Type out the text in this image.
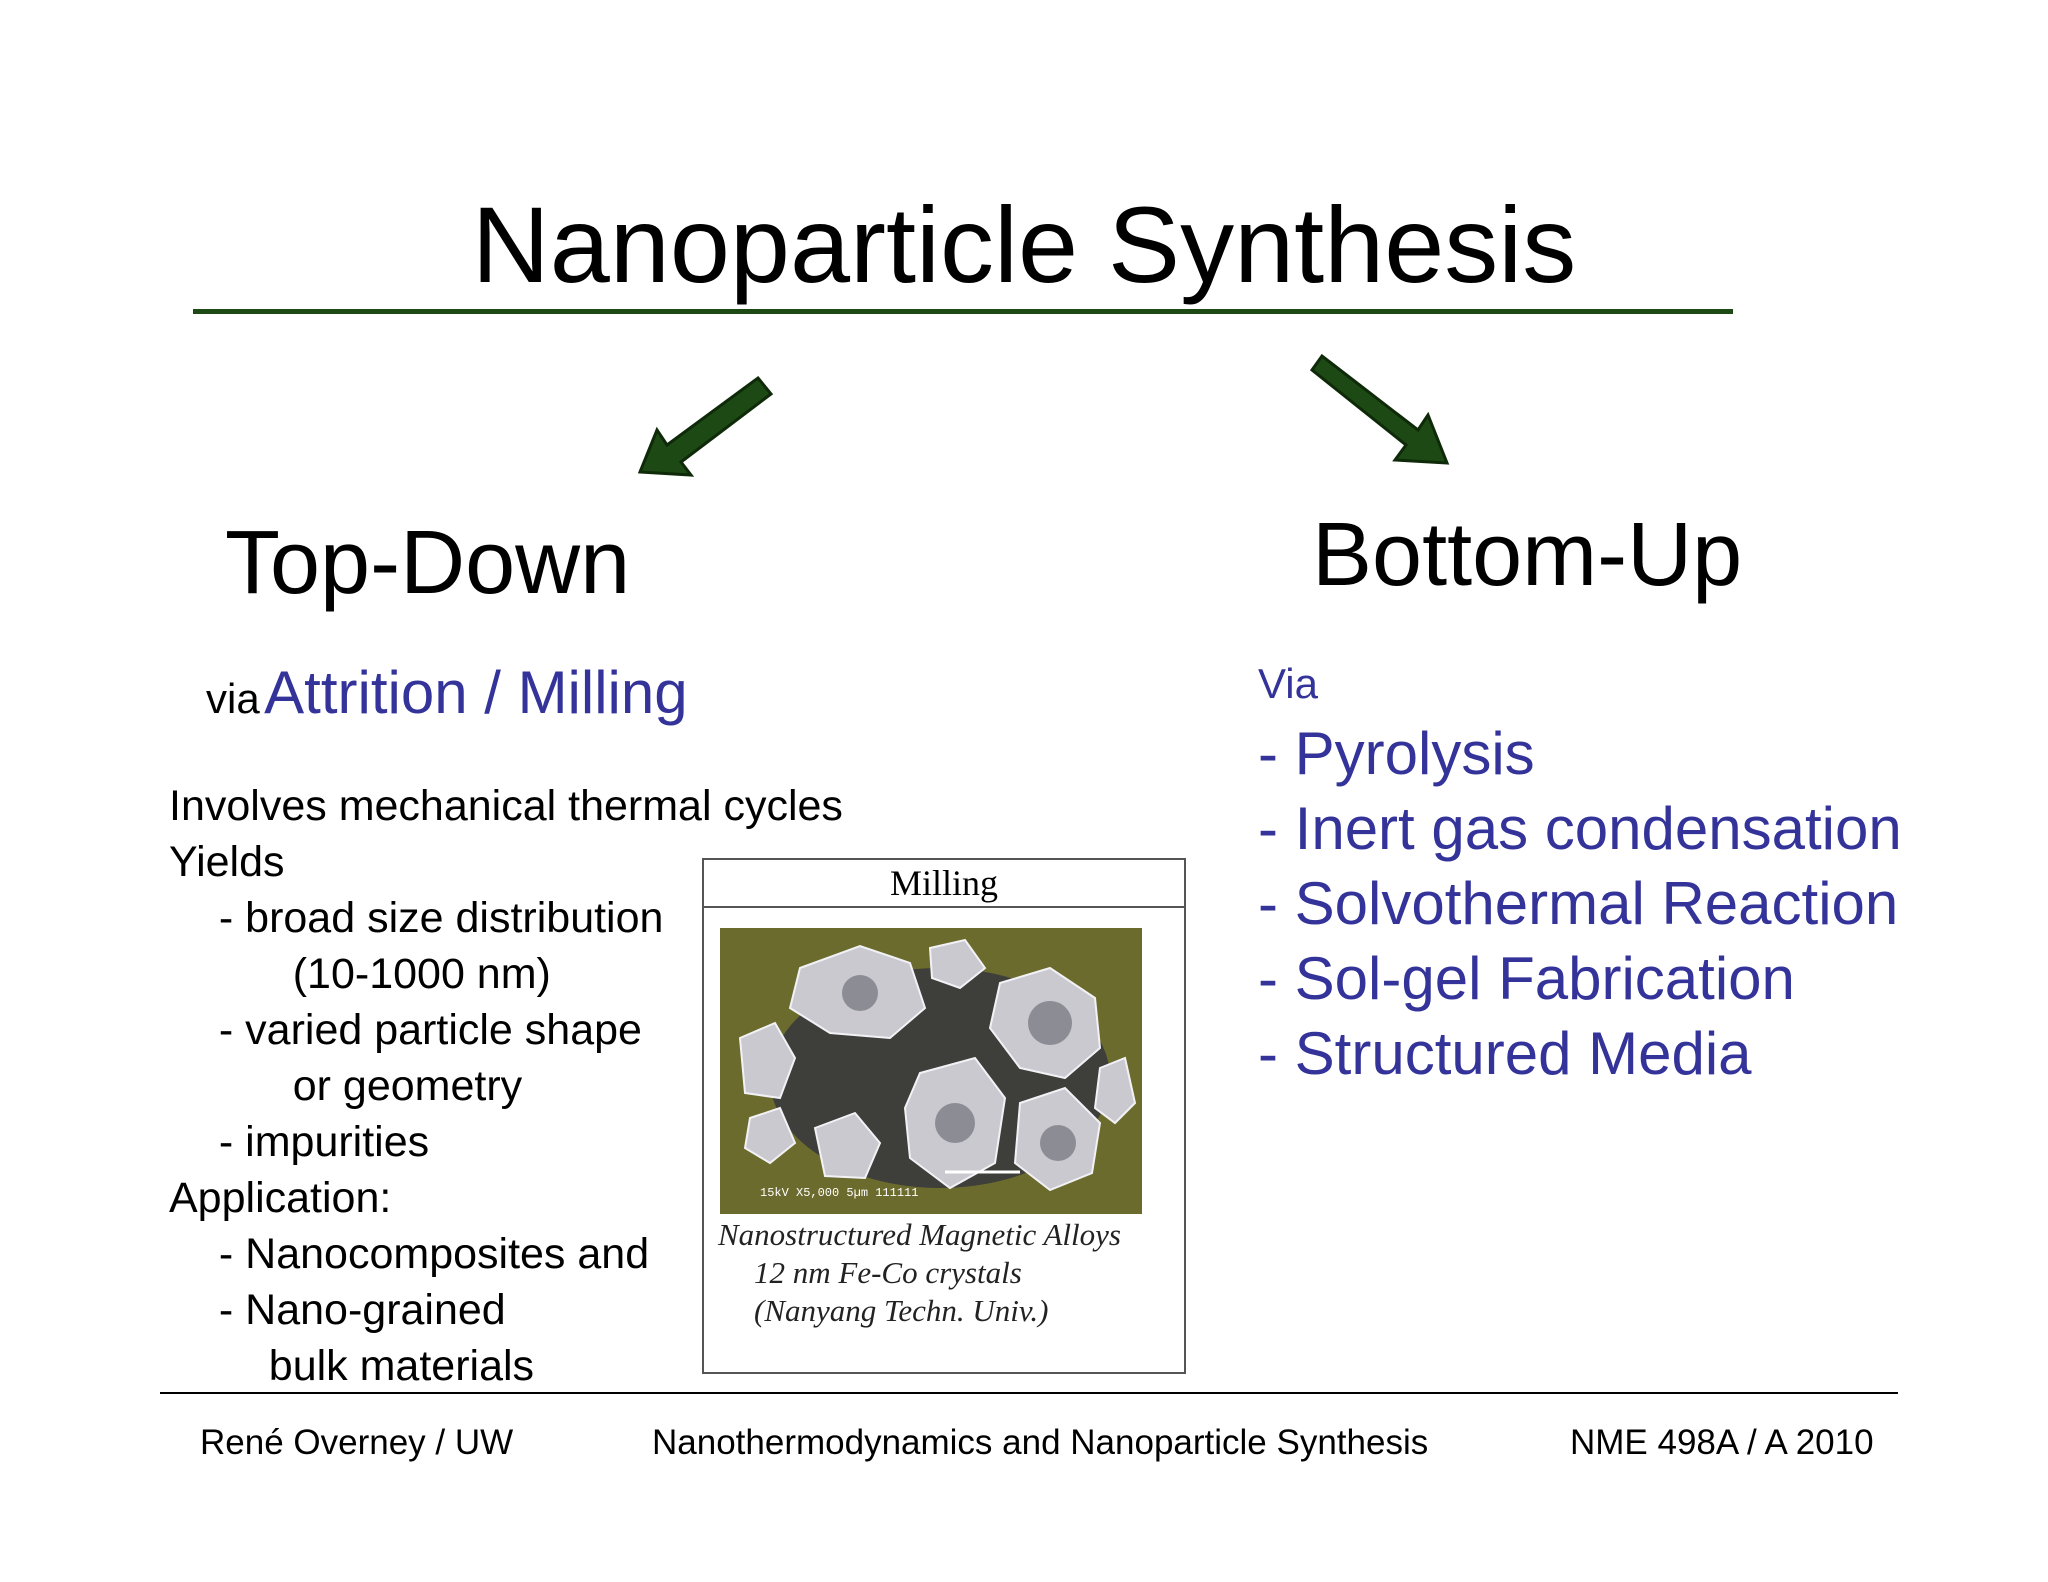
Nanoparticle Synthesis
Top-Down	Bottom-Up
via Attrition / Milling
Involves mechanical thermal cycles
Yields
- broad size distribution
(10-1000 nm)
- varied particle shape
or geometry
- impurities
Application:
- Nanocomposites and
- Nano-grained
bulk materials
Milling
15kV X5,000 5µm 111111
Nanostructured Magnetic Alloys
12 nm Fe-Co crystals
(Nanyang Techn. Univ.)
Via
- Pyrolysis
- Inert gas condensation
- Solvothermal Reaction
- Sol-gel Fabrication
- Structured Media
René Overney / UW	Nanothermodynamics and Nanoparticle Synthesis	NME 498A / A 2010
